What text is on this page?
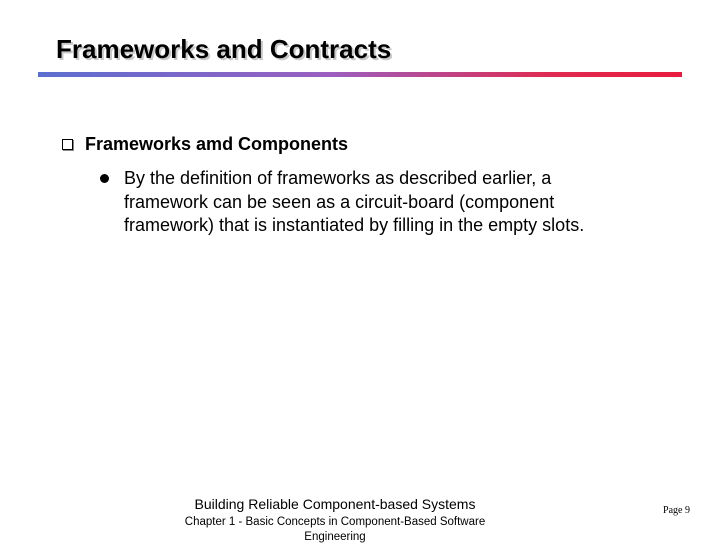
Frameworks and Contracts
Frameworks amd Components
By the definition of frameworks as described earlier, a framework can be seen as a circuit-board (component framework) that is instantiated by filling in the empty slots.
Building Reliable Component-based Systems
Chapter 1 - Basic Concepts in Component-Based Software Engineering
Page 9
